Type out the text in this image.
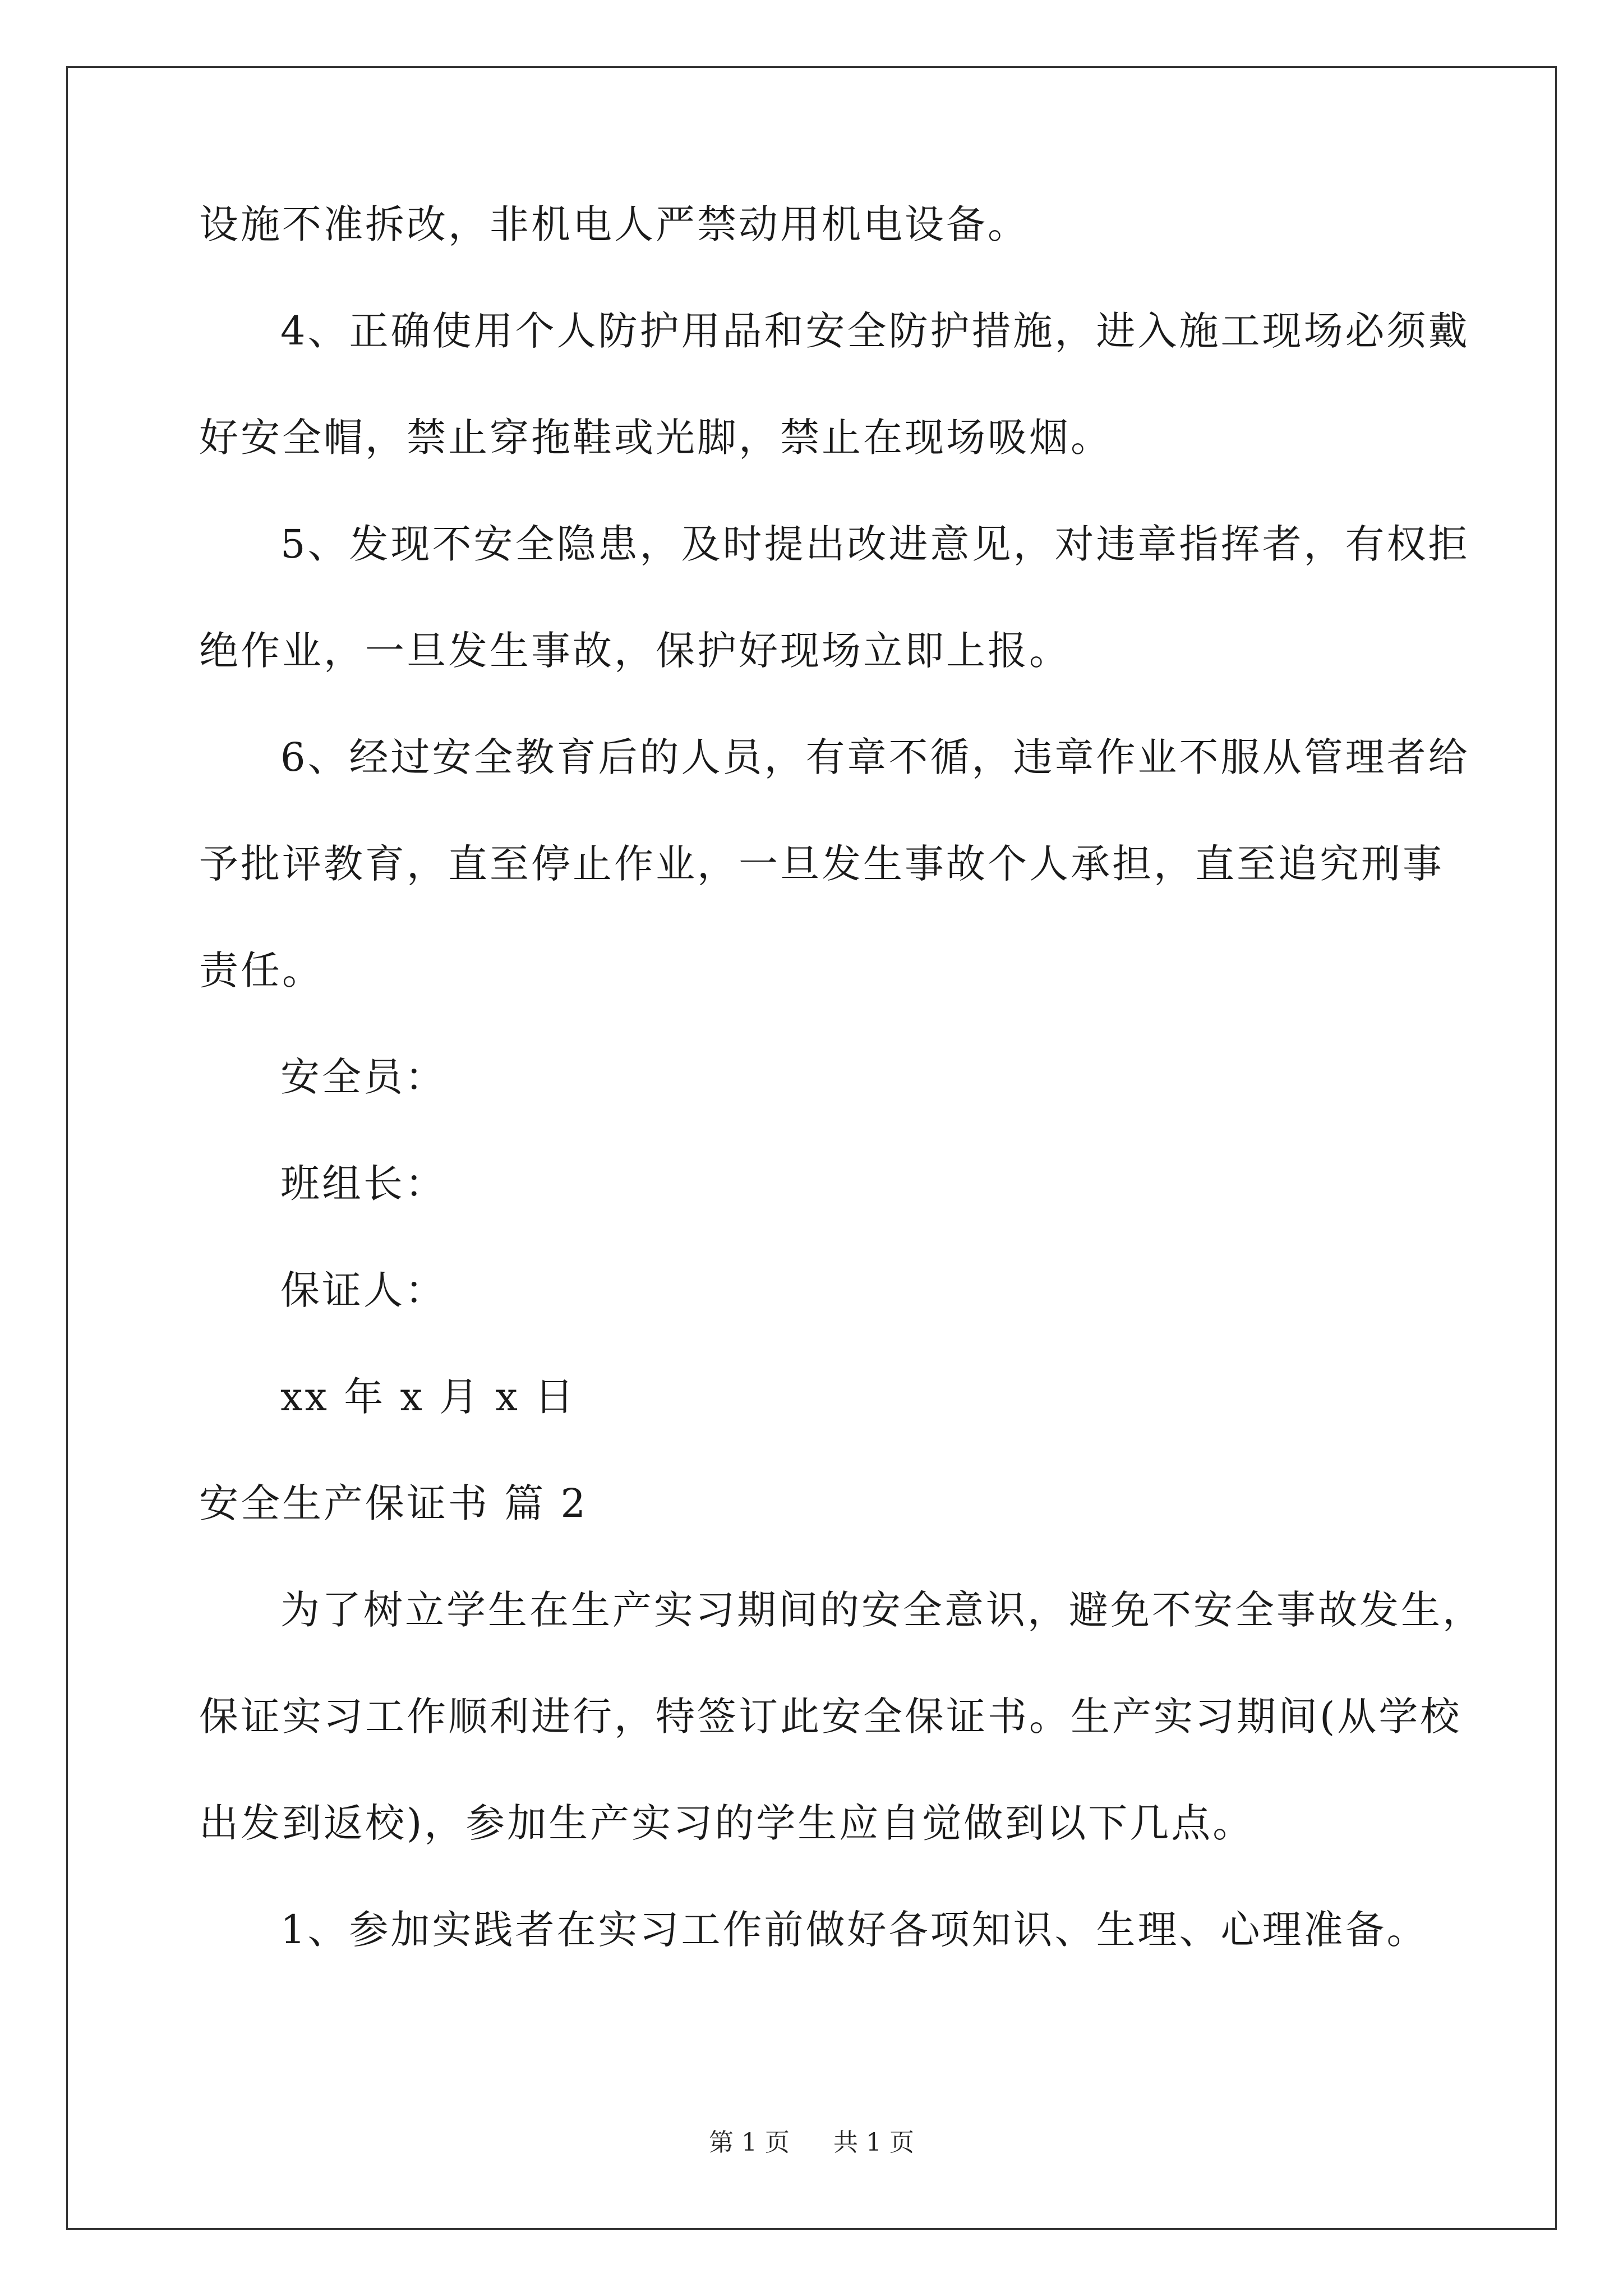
设施不准拆改，非机电人严禁动用机电设备。
4、正确使用个人防护用品和安全防护措施，进入施工现场必须戴
好安全帽，禁止穿拖鞋或光脚，禁止在现场吸烟。
5、发现不安全隐患，及时提出改进意见，对违章指挥者，有权拒
绝作业，一旦发生事故，保护好现场立即上报。
6、经过安全教育后的人员，有章不循，违章作业不服从管理者给
予批评教育，直至停止作业，一旦发生事故个人承担，直至追究刑事
责任。
安全员：
班组长：
保证人：
xx 年 x 月 x 日
安全生产保证书 篇 2
为了树立学生在生产实习期间的安全意识，避免不安全事故发生，
保证实习工作顺利进行，特签订此安全保证书。生产实习期间(从学校
出发到返校)，参加生产实习的学生应自觉做到以下几点。
1、参加实践者在实习工作前做好各项知识、生理、心理准备。
第 1 页 共 1 页
